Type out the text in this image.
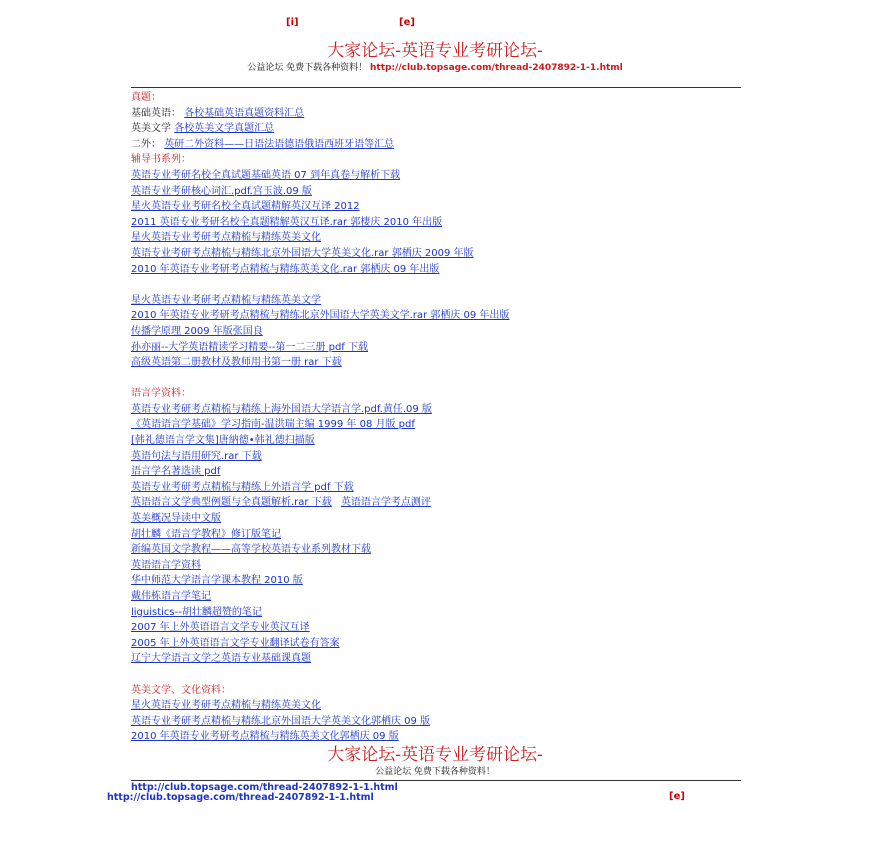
[i]	[e]
大家论坛-英语专业考研论坛-
公益论坛 免费下载各种资料！ http://club.topsage.com/thread-2407892-1-1.html
真题：
基础英语： 各校基础英语真题资料汇总
英美文学 各校英美文学真题汇总
二外： 英研二外资料——日语法语德语俄语西班牙语等汇总
辅导书系列：
英语专业考研名校全真试题基础英语 07 到年真卷与解析下载
英语专业考研核心词汇.pdf.宫玉波.09 版
星火英语专业考研名校全真试题精解英汉互译 2012
2011 英语专业考研名校全真题精解英汉互译.rar 郭棲庆 2010 年出版
星火英语专业考研考点精梳与精练英美文化
英语专业考研考点精梳与精练北京外国语大学英美文化.rar 郭栖庆 2009 年版
2010 年英语专业考研考点精梳与精练英美文化.rar 郭栖庆 09 年出版
星火英语专业考研考点精梳与精练英美文学
2010 年英语专业考研考点精梳与精练北京外国语大学英美文学.rar 郭栖庆 09 年出版
传播学原理 2009 年版张国良
孙亦丽--大学英语精读学习精要--第一二三册 pdf 下载
高级英语第二册教材及教师用书第一册 rar 下载
语言学资料：
英语专业考研考点精梳与精练上海外国语大学语言学.pdf.黄任.09 版
《英语语言学基础》学习指南-温洪瑞主编 1999 年 08 月版 pdf
[韩礼德语言学文集]唐納德•韩礼德扫描版
英语句法与语用研究.rar 下载
语言学名著选读 pdf
英语专业考研考点精梳与精练上外语言学 pdf 下载
英语语言文学典型例题与全真题解析.rar 下载 英语语言学考点测评
英美概况导读中文版
胡壮麟《语言学教程》修订版笔记
新编英国文学教程——高等学校英语专业系列教材下载
英语语言学资料
华中师范大学语言学课本教程 2010 版
戴伟栋语言学笔记
liguistics--胡壮麟超赞的笔记
2007 年上外英语语言文学专业英汉互译
2005 年上外英语语言文学专业翻译试卷有答案
辽宁大学语言文学之英语专业基础课真题
英美文学、文化资料：
星火英语专业考研考点精梳与精练英美文化
英语专业考研考点精梳与精练北京外国语大学英美文化郭栖庆 09 版
2010 年英语专业考研考点精梳与精练英美文化郭栖庆 09 版
大家论坛-英语专业考研论坛-
公益论坛 免费下载各种资料！
http://club.topsage.com/thread-2407892-1-1.html
http://club.topsage.com/thread-2407892-1-1.html	[e]
